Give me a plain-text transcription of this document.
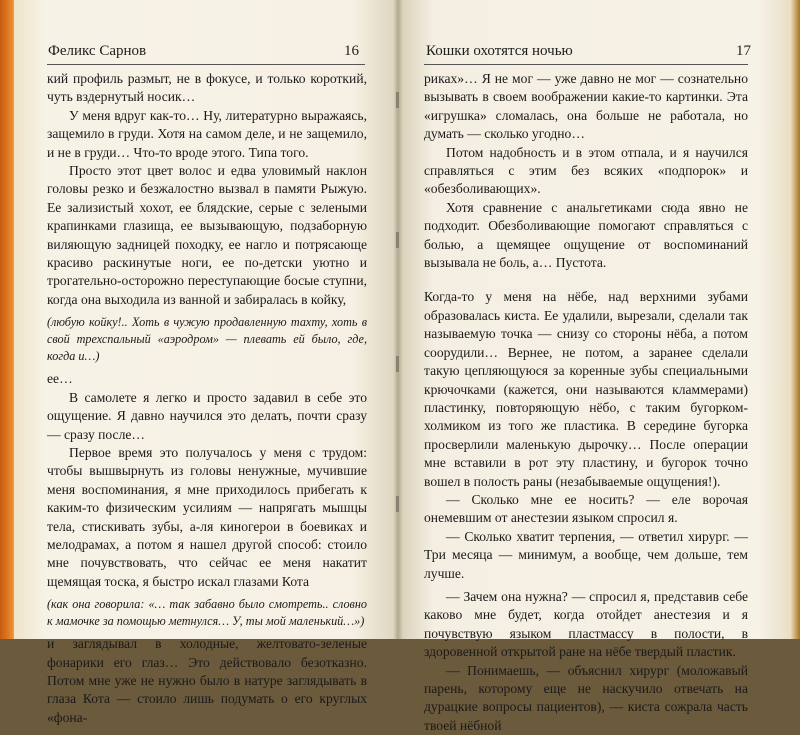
Феликс Сарнов	16

кий профиль размыт, не в фокусе, и только короткий, чуть вздернутый носик…

У меня вдруг как-то… Ну, литературно выражаясь, защемило в груди. Хотя на самом деле, и не защемило, и не в груди… Что-то вроде этого. Типа того.

Просто этот цвет волос и едва уловимый наклон головы резко и безжалостно вызвал в памяти Рыжую. Ее зализистый хохот, ее блядские, серые с зелеными крапинками глазища, ее вызывающую, подзаборную виляющую задницей походку, ее нагло и потрясающе красиво раскинутые ноги, ее по-детски уютно и трогательно-осторожно переступающие босые ступни, когда она выходила из ванной и забиралась в койку,

(любую койку!.. Хоть в чужую продавленную тахту, хоть в свой трехспальный «аэродром» — плевать ей было, где, когда и…)

ее…

В самолете я легко и просто задавил в себе это ощущение. Я давно научился это делать, почти сразу — сразу после…

Первое время это получалось у меня с трудом: чтобы вышвырнуть из головы ненужные, мучившие меня воспоминания, я мне приходилось прибегать к каким-то физическим усилиям — напрягать мышцы тела, стискивать зубы, а-ля киногерои в боевиках и мелодрамах, а потом я нашел другой способ: стоило мне почувствовать, что сейчас ее меня накатит щемящая тоска, я быстро искал глазами Кота

(как она говорила: «… так забавно было смотреть.. словно к мамочке за помощью метнулся… У, ты мой маленький…»)

и заглядывал в холодные, желтовато-зеленые фонарики его глаз… Это действовало безотказно. Потом мне уже не нужно было в натуре заглядывать в глаза Кота — стоило лишь подумать о его круглых «фона-

Кошки охотятся ночью	17

риках»… Я не мог — уже давно не мог — сознательно вызывать в своем воображении какие-то картинки. Эта «игрушка» сломалась, она больше не работала, но думать — сколько угодно…

Потом надобность и в этом отпала, и я научился справляться с этим без всяких «подпорок» и «обезболивающих».

Хотя сравнение с анальгетиками сюда явно не подходит. Обезболивающие помогают справляться с болью, а щемящее ощущение от воспоминаний вызывала не боль, а… Пустота.

Когда-то у меня на нёбе, над верхними зубами образовалась киста. Ее удалили, вырезали, сделали так называемую точка — снизу со стороны нёба, а потом соорудили… Вернее, не потом, а заранее сделали такую цепляющуюся за коренные зубы специальными крючочками (кажется, они называются кламмерами) пластинку, повторяющую нёбо, с таким бугорком-холмиком из того же пластика. В середине бугорка просверлили маленькую дырочку… После операции мне вставили в рот эту пластину, и бугорок точно вошел в полость раны (незабываемые ощущения!).

— Сколько мне ее носить? — еле ворочая онемевшим от анестезии языком спросил я.

— Сколько хватит терпения, — ответил хирург. — Три месяца — минимум, а вообще, чем дольше, тем лучше.

— Зачем она нужна? — спросил я, представив себе каково мне будет, когда отойдет анестезия и я почувствую языком пластмассу в полости, в здоровенной открытой ране на нёбе твердый пластик.

— Понимаешь, — объяснил хирург (моложавый парень, которому еще не наскучило отвечать на дурацкие вопросы пациентов), — киста сожрала часть твоей нёбной
